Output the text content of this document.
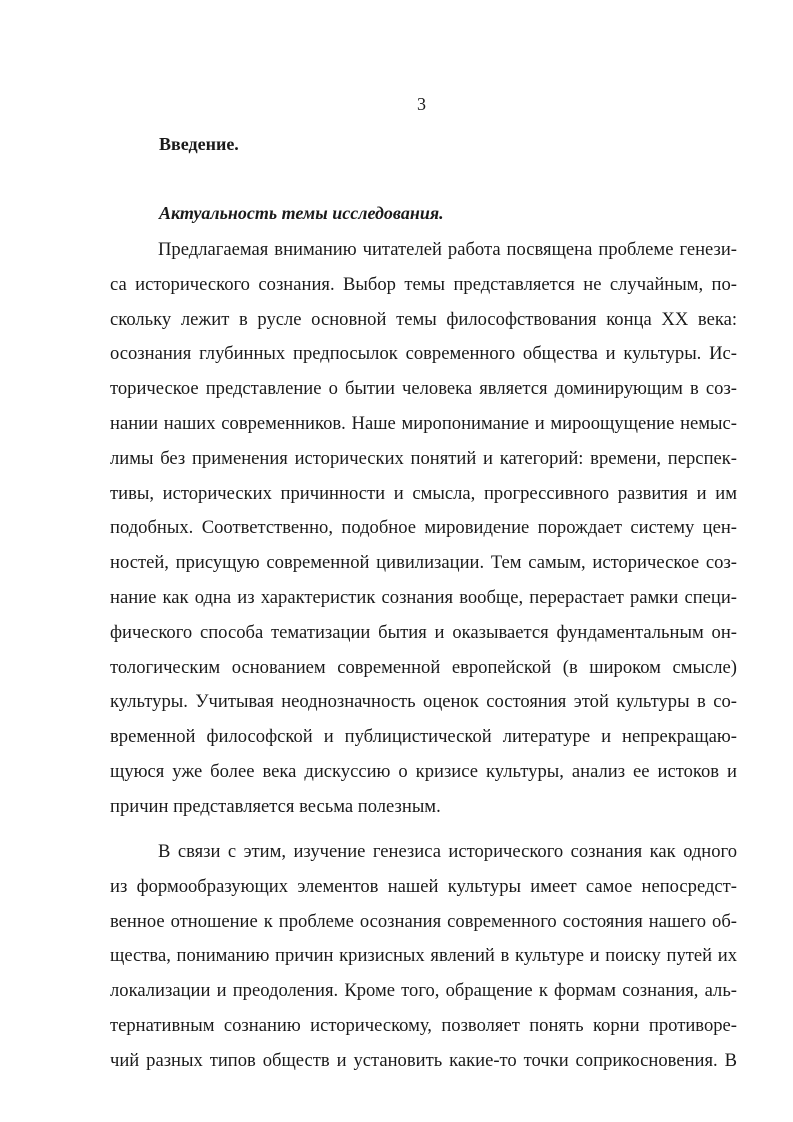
3
Введение.
Актуальность темы исследования.
Предлагаемая вниманию читателей работа посвящена проблеме генези-
са исторического сознания. Выбор темы представляется не случайным, по-
скольку лежит в русле основной темы философствования конца XX века:
осознания глубинных предпосылок современного общества и культуры. Ис-
торическое представление о бытии человека является доминирующим в соз-
нании наших современников. Наше миропонимание и мироощущение немыс-
лимы без применения исторических понятий и категорий: времени, перспек-
тивы, исторических причинности и смысла, прогрессивного развития и им
подобных. Соответственно, подобное мировидение порождает систему цен-
ностей, присущую современной цивилизации. Тем самым, историческое соз-
нание как одна из характеристик сознания вообще, перерастает рамки специ-
фического способа тематизации бытия и оказывается фундаментальным он-
тологическим основанием современной европейской (в широком смысле)
культуры. Учитывая неоднозначность оценок состояния этой культуры в со-
временной философской и публицистической литературе и непрекращаю-
щуюся уже более века дискуссию о кризисе культуры, анализ ее истоков и
причин представляется весьма полезным.
В связи с этим, изучение генезиса исторического сознания как одного
из формообразующих элементов нашей культуры имеет самое непосредст-
венное отношение к проблеме осознания современного состояния нашего об-
щества, пониманию причин кризисных явлений в культуре и поиску путей их
локализации и преодоления. Кроме того, обращение к формам сознания, аль-
тернативным сознанию историческому, позволяет понять корни противоре-
чий разных типов обществ и установить какие-то точки соприкосновения. В
